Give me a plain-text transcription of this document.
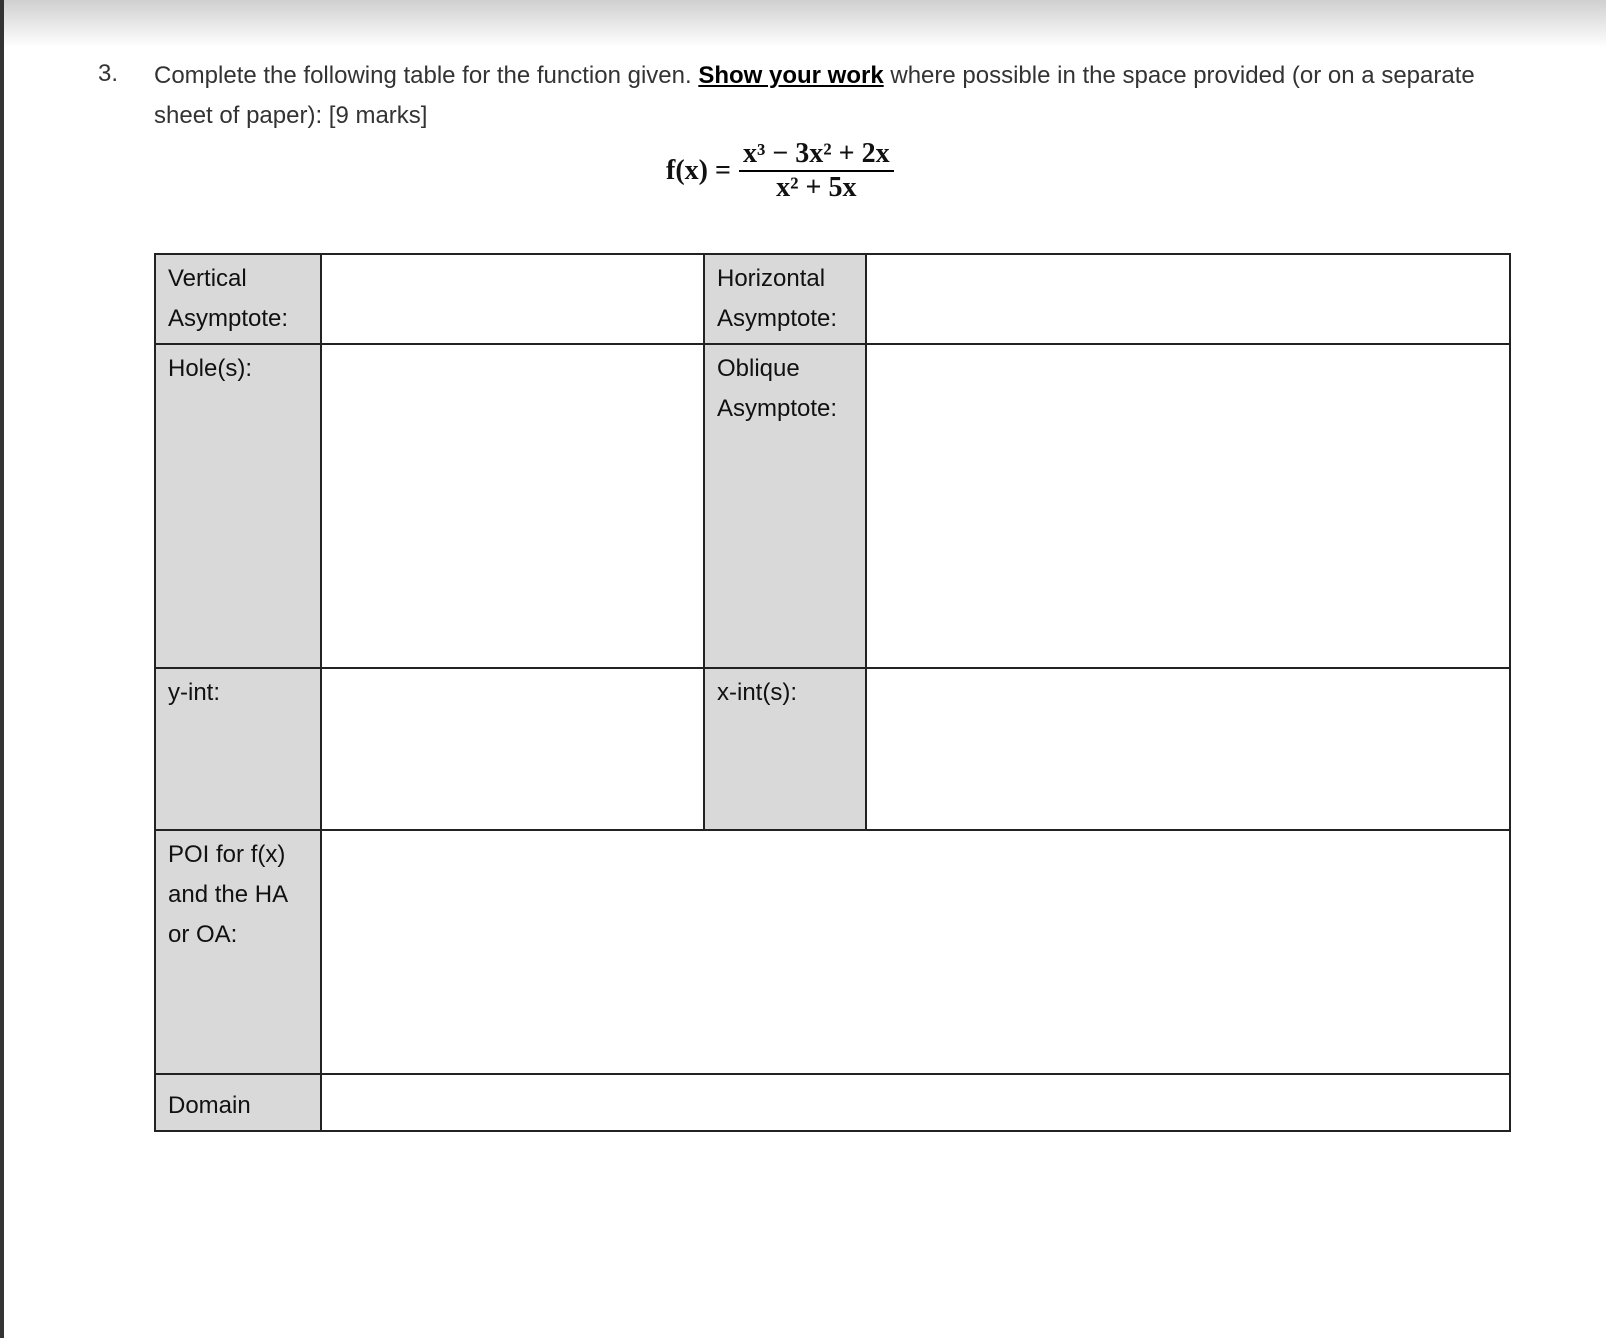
3. Complete the following table for the function given. Show your work where possible in the space provided (or on a separate sheet of paper): [9 marks]
$f(x) = \frac{\text{x³ − 3x² + 2x}}{\text{x² + 5x}}$
Vertical Asymptote:		Horizontal Asymptote:	
Hole(s):		Oblique Asymptote:	
y-int:		x-int(s):	
POI for f(x) and the HA or OA:			
Domain			
